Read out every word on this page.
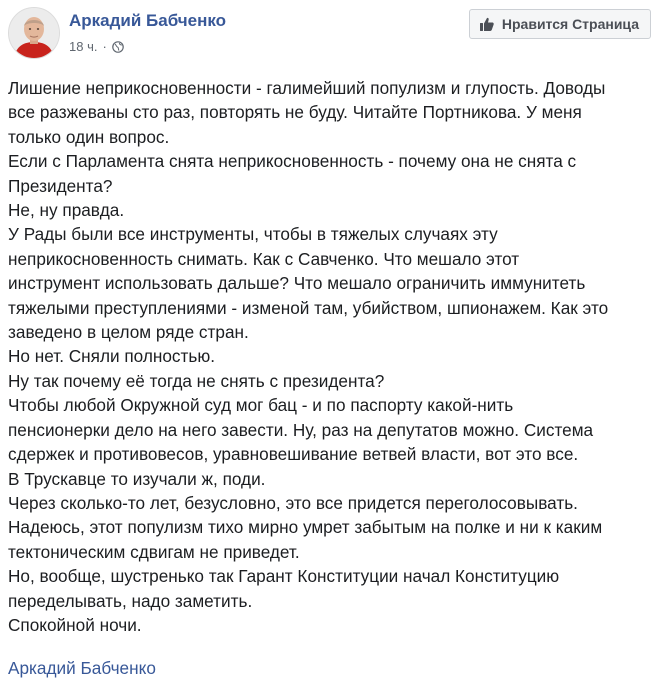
Аркадий Бабченко
18 ч. ·
Нравится Страница

Лишение неприкосновенности - галимейший популизм и глупость. Доводы

все разжеваны сто раз, повторять не буду. Читайте Портникова. У меня

только один вопрос.

Если с Парламента снята неприкосновенность - почему она не снята с

Президента?

Не, ну правда.

У Рады были все инструменты, чтобы в тяжелых случаях эту

неприкосновенность снимать. Как с Савченко. Что мешало этот

инструмент использовать дальше? Что мешало ограничить иммунитеть

тяжелыми преступлениями - изменой там, убийством, шпионажем. Как это

заведено в целом ряде стран.

Но нет. Сняли полностью.

Ну так почему её тогда не снять с президента?

Чтобы любой Окружной суд мог бац - и по паспорту какой-нить

пенсионерки дело на него завести. Ну, раз на депутатов можно. Система

сдержек и противовесов, уравновешивание ветвей власти, вот это все.

В Трускавце то изучали ж, поди.

Через сколько-то лет, безусловно, это все придется переголосовывать.

Надеюсь, этот популизм тихо мирно умрет забытым на полке и ни к каким

тектоническим сдвигам не приведет.

Но, вообще, шустренько так Гарант Конституции начал Конституцию

переделывать, надо заметить.

Спокойной ночи.

Аркадий Бабченко
